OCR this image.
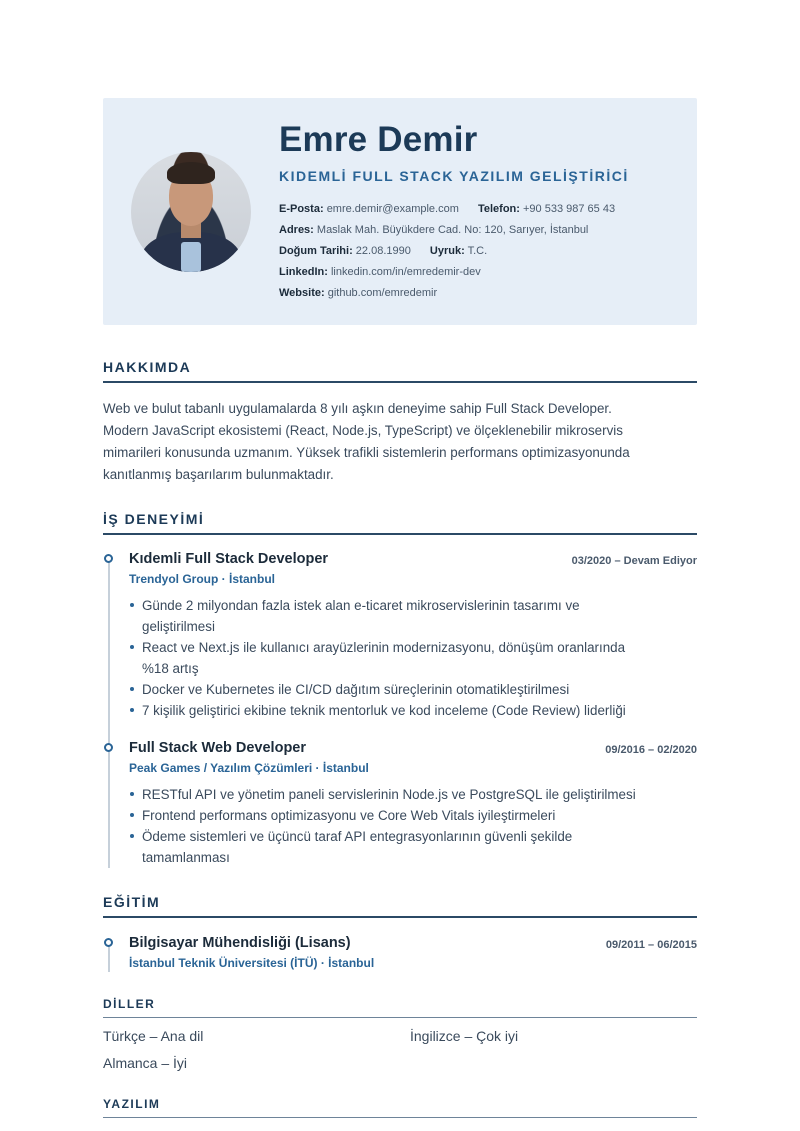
Emre Demir
KIDEMLİ FULL STACK YAZILIM GELİŞTİRİCİ
E-Posta: emre.demir@example.com Telefon: +90 533 987 65 43
Adres: Maslak Mah. Büyükdere Cad. No: 120, Sarıyer, İstanbul
Doğum Tarihi: 22.08.1990 Uyruk: T.C.
LinkedIn: linkedin.com/in/emredemir-dev
Website: github.com/emredemir
HAKKIMDA
Web ve bulut tabanlı uygulamalarda 8 yılı aşkın deneyime sahip Full Stack Developer.
Modern JavaScript ekosistemi (React, Node.js, TypeScript) ve ölçeklenebilir mikroservis
mimarileri konusunda uzmanım. Yüksek trafikli sistemlerin performans optimizasyonunda
kanıtlanmış başarılarım bulunmaktadır.
İŞ DENEYİMİ
Kıdemli Full Stack Developer	03/2020 – Devam Ediyor
Trendyol Group · İstanbul
Günde 2 milyondan fazla istek alan e-ticaret mikroservislerinin tasarımı ve
geliştirilmesi
React ve Next.js ile kullanıcı arayüzlerinin modernizasyonu, dönüşüm oranlarında
%18 artış
Docker ve Kubernetes ile CI/CD dağıtım süreçlerinin otomatikleştirilmesi
7 kişilik geliştirici ekibine teknik mentorluk ve kod inceleme (Code Review) liderliği
Full Stack Web Developer	09/2016 – 02/2020
Peak Games / Yazılım Çözümleri · İstanbul
RESTful API ve yönetim paneli servislerinin Node.js ve PostgreSQL ile geliştirilmesi
Frontend performans optimizasyonu ve Core Web Vitals iyileştirmeleri
Ödeme sistemleri ve üçüncü taraf API entegrasyonlarının güvenli şekilde
tamamlanması
EĞİTİM
Bilgisayar Mühendisliği (Lisans)	09/2011 – 06/2015
İstanbul Teknik Üniversitesi (İTÜ) · İstanbul
DİLLER
Türkçe – Ana dil	İngilizce – Çok iyi
Almanca – İyi
YAZILIM
